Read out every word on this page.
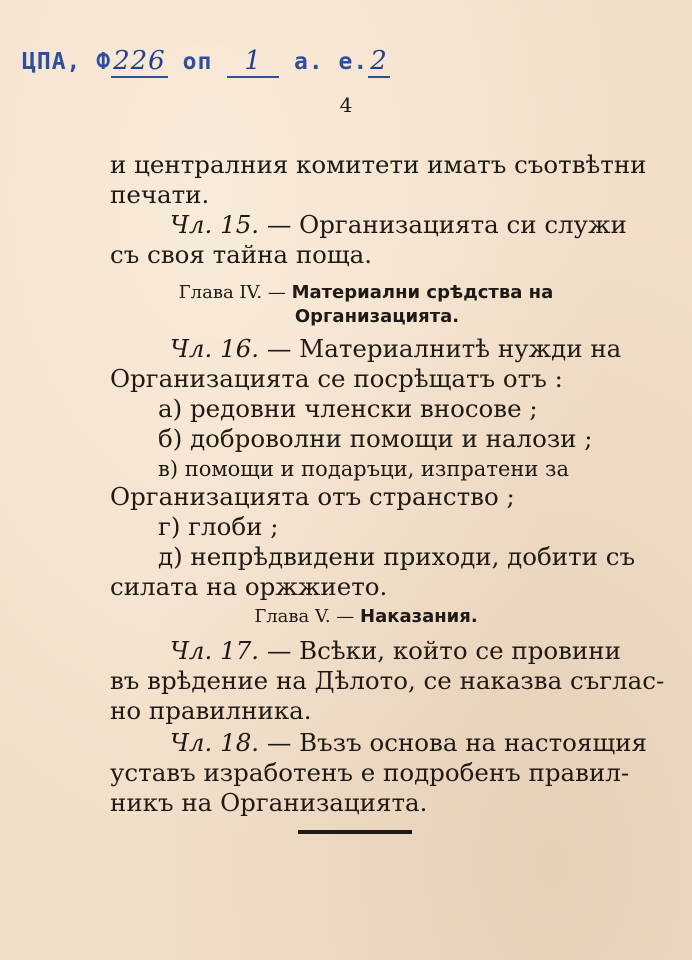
ЦПА, Ф226 оп 1 а. е.2
4
и централния комитети иматъ съотвѣтни
печати.
Чл. 15. — Организацията си служи
съ своя тайна поща.
Глава IV. — Материални срѣдства на
Организацията.
Чл. 16. — Материалнитѣ нужди на
Организацията се посрѣщатъ отъ :
а) редовни членски вносове ;
б) доброволни помощи и налози ;
в) помощи и подаръци, изпратени за
Организацията отъ странство ;
г) глоби ;
д) непрѣдвидени приходи, добити съ
силата на оржжието.
Глава V. — Наказания.
Чл. 17. — Всѣки, който се провини
въ врѣдение на Дѣлото, се наказва съглас-
но правилника.
Чл. 18. — Възъ основа на настоящия
уставъ изработенъ е подробенъ правил-
никъ на Организацията.
